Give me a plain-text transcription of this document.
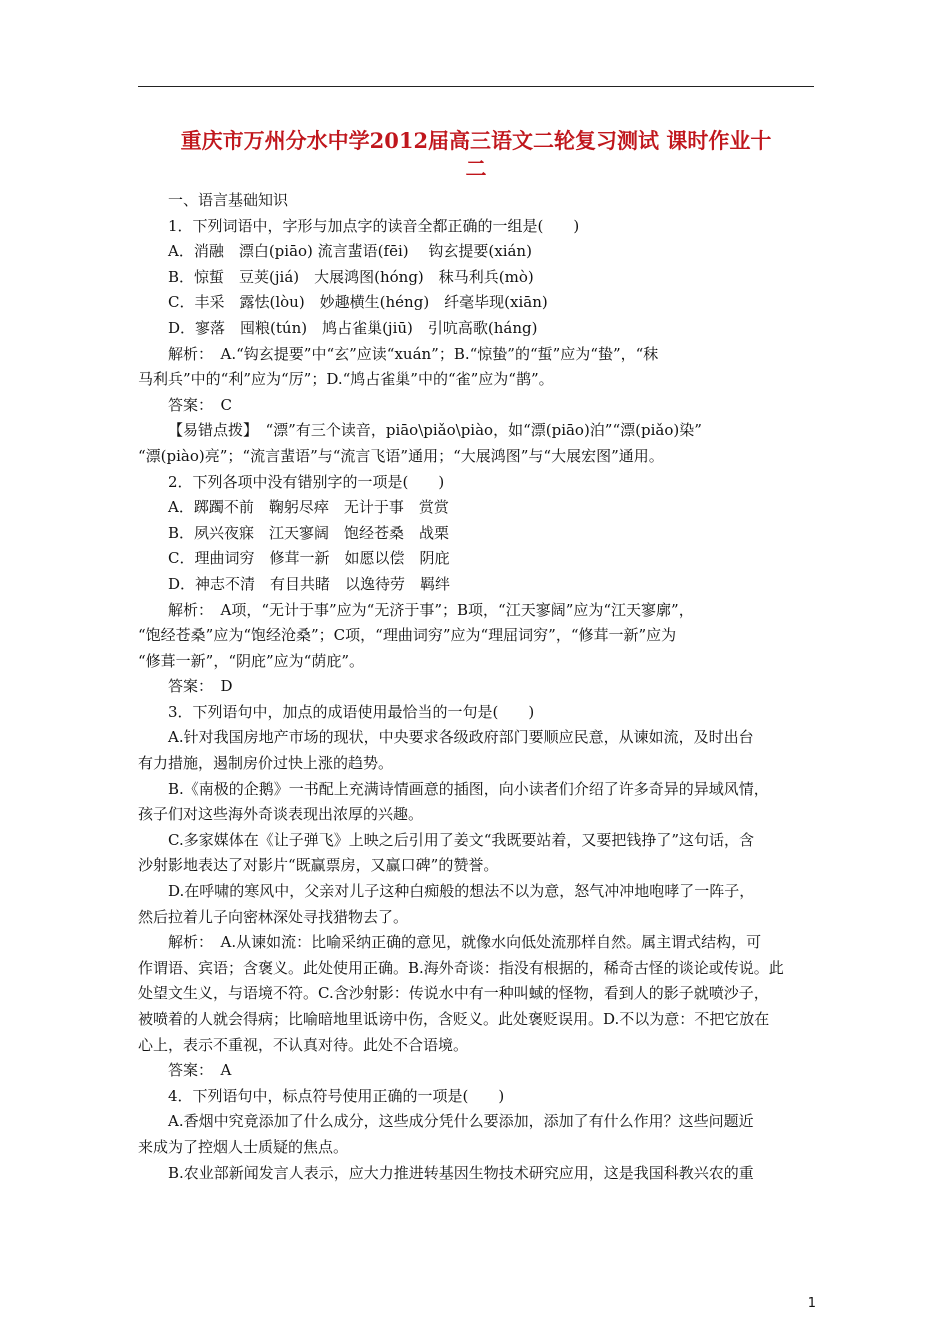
重庆市万州分水中学2012届高三语文二轮复习测试 课时作业十
二

一、语言基础知识

1．下列词语中，字形与加点字的读音全都正确的一组是(　　)

A．消融　漂白(piāo) 流言蜚语(fēi)　 钩玄提要(xián)

B．惊蜇　豆荚(jiá)　大展鸿图(hóng)　秣马利兵(mò)

C．丰采　露怯(lòu)　妙趣横生(héng)　纤毫毕现(xiān)

D．寥落　囤粮(tún)　鸠占雀巢(jiū)　引吭高歌(háng)

解析：　A.“钩玄提要”中“玄”应读“xuán”；B.“惊蛰”的“蜇”应为“蛰”，“秣

马利兵”中的“利”应为“厉”；D.“鸠占雀巢”中的“雀”应为“鹊”。

答案：　C

【易错点拨】　“漂”有三个读音，piāo\piǎo\piào，如“漂(piāo)泊”“漂(piǎo)染”

“漂(piào)亮”；“流言蜚语”与“流言飞语”通用；“大展鸿图”与“大展宏图”通用。

2．下列各项中没有错别字的一项是(　　)

A．踯躅不前　鞠躬尽瘁　无计于事　赏赏

B．夙兴夜寐　江天寥阔　饱经苍桑　战栗

C．理曲词穷　修茸一新　如愿以偿　阴庇

D．神志不清　有目共睹　以逸待劳　羁绊

解析：　A项，“无计于事”应为“无济于事”；B项，“江天寥阔”应为“江天寥廓”，

“饱经苍桑”应为“饱经沧桑”；C项，“理曲词穷”应为“理屈词穷”，“修茸一新”应为

“修葺一新”，“阴庇”应为“荫庇”。

答案：　D

3．下列语句中，加点的成语使用最恰当的一句是(　　)

A.针对我国房地产市场的现状，中央要求各级政府部门要顺应民意，从谏如流，及时出台

有力措施，遏制房价过快上涨的趋势。

B.《南极的企鹅》一书配上充满诗情画意的插图，向小读者们介绍了许多奇异的异域风情，

孩子们对这些海外奇谈表现出浓厚的兴趣。

C.多家媒体在《让子弹飞》上映之后引用了姜文“我既要站着，又要把钱挣了”这句话，含

沙射影地表达了对影片“既赢票房，又赢口碑”的赞誉。

D.在呼啸的寒风中，父亲对儿子这种白痴般的想法不以为意，怒气冲冲地咆哮了一阵子，

然后拉着儿子向密林深处寻找猎物去了。

解析：　A.从谏如流：比喻采纳正确的意见，就像水向低处流那样自然。属主谓式结构，可

作谓语、宾语；含褒义。此处使用正确。B.海外奇谈：指没有根据的，稀奇古怪的谈论或传说。此

处望文生义，与语境不符。C.含沙射影：传说水中有一种叫蜮的怪物，看到人的影子就喷沙子，

被喷着的人就会得病；比喻暗地里诋谤中伤，含贬义。此处褒贬误用。D.不以为意：不把它放在

心上，表示不重视，不认真对待。此处不合语境。

答案：　A

4．下列语句中，标点符号使用正确的一项是(　　)

A.香烟中究竟添加了什么成分，这些成分凭什么要添加，添加了有什么作用？这些问题近

来成为了控烟人士质疑的焦点。

B.农业部新闻发言人表示，应大力推进转基因生物技术研究应用，这是我国科教兴农的重

1
